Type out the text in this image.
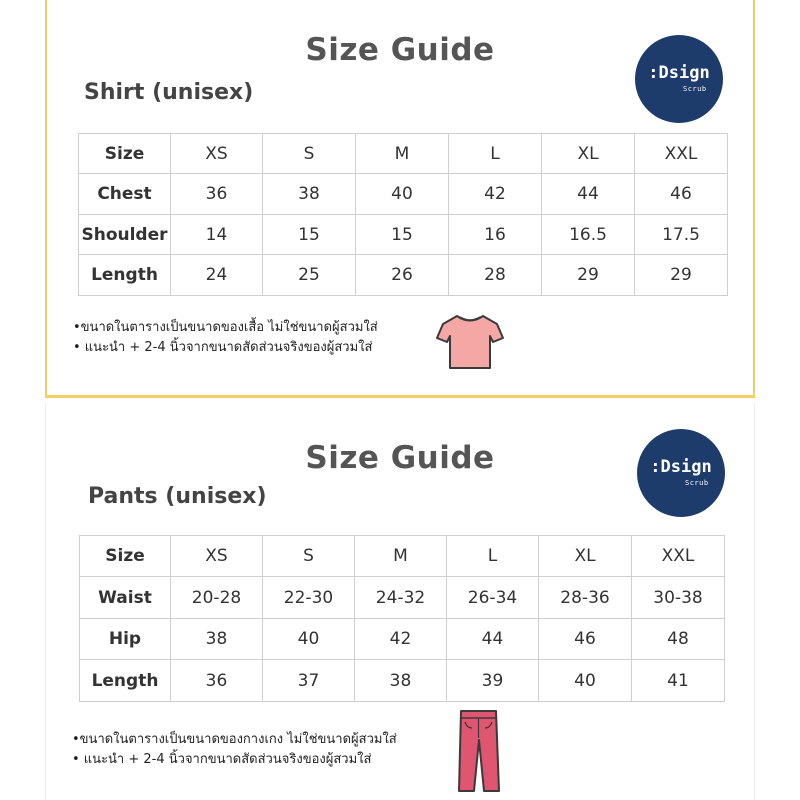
Size Guide
Shirt (unisex)
:Dsign
Scrub
Size	XS	S	M	L	XL	XXL
Chest	36	38	40	42	44	46
Shoulder	14	15	15	16	16.5	17.5
Length	24	25	26	28	29	29
•ขนาดในตารางเป็นขนาดของเสื้อ ไม่ใช่ขนาดผู้สวมใส่
• แนะนำ + 2-4 นิ้วจากขนาดสัดส่วนจริงของผู้สวมใส่
Size Guide
Pants (unisex)
:Dsign
Scrub
Size	XS	S	M	L	XL	XXL
Waist	20-28	22-30	24-32	26-34	28-36	30-38
Hip	38	40	42	44	46	48
Length	36	37	38	39	40	41
•ขนาดในตารางเป็นขนาดของกางเกง ไม่ใช่ขนาดผู้สวมใส่
• แนะนำ + 2-4 นิ้วจากขนาดสัดส่วนจริงของผู้สวมใส่
